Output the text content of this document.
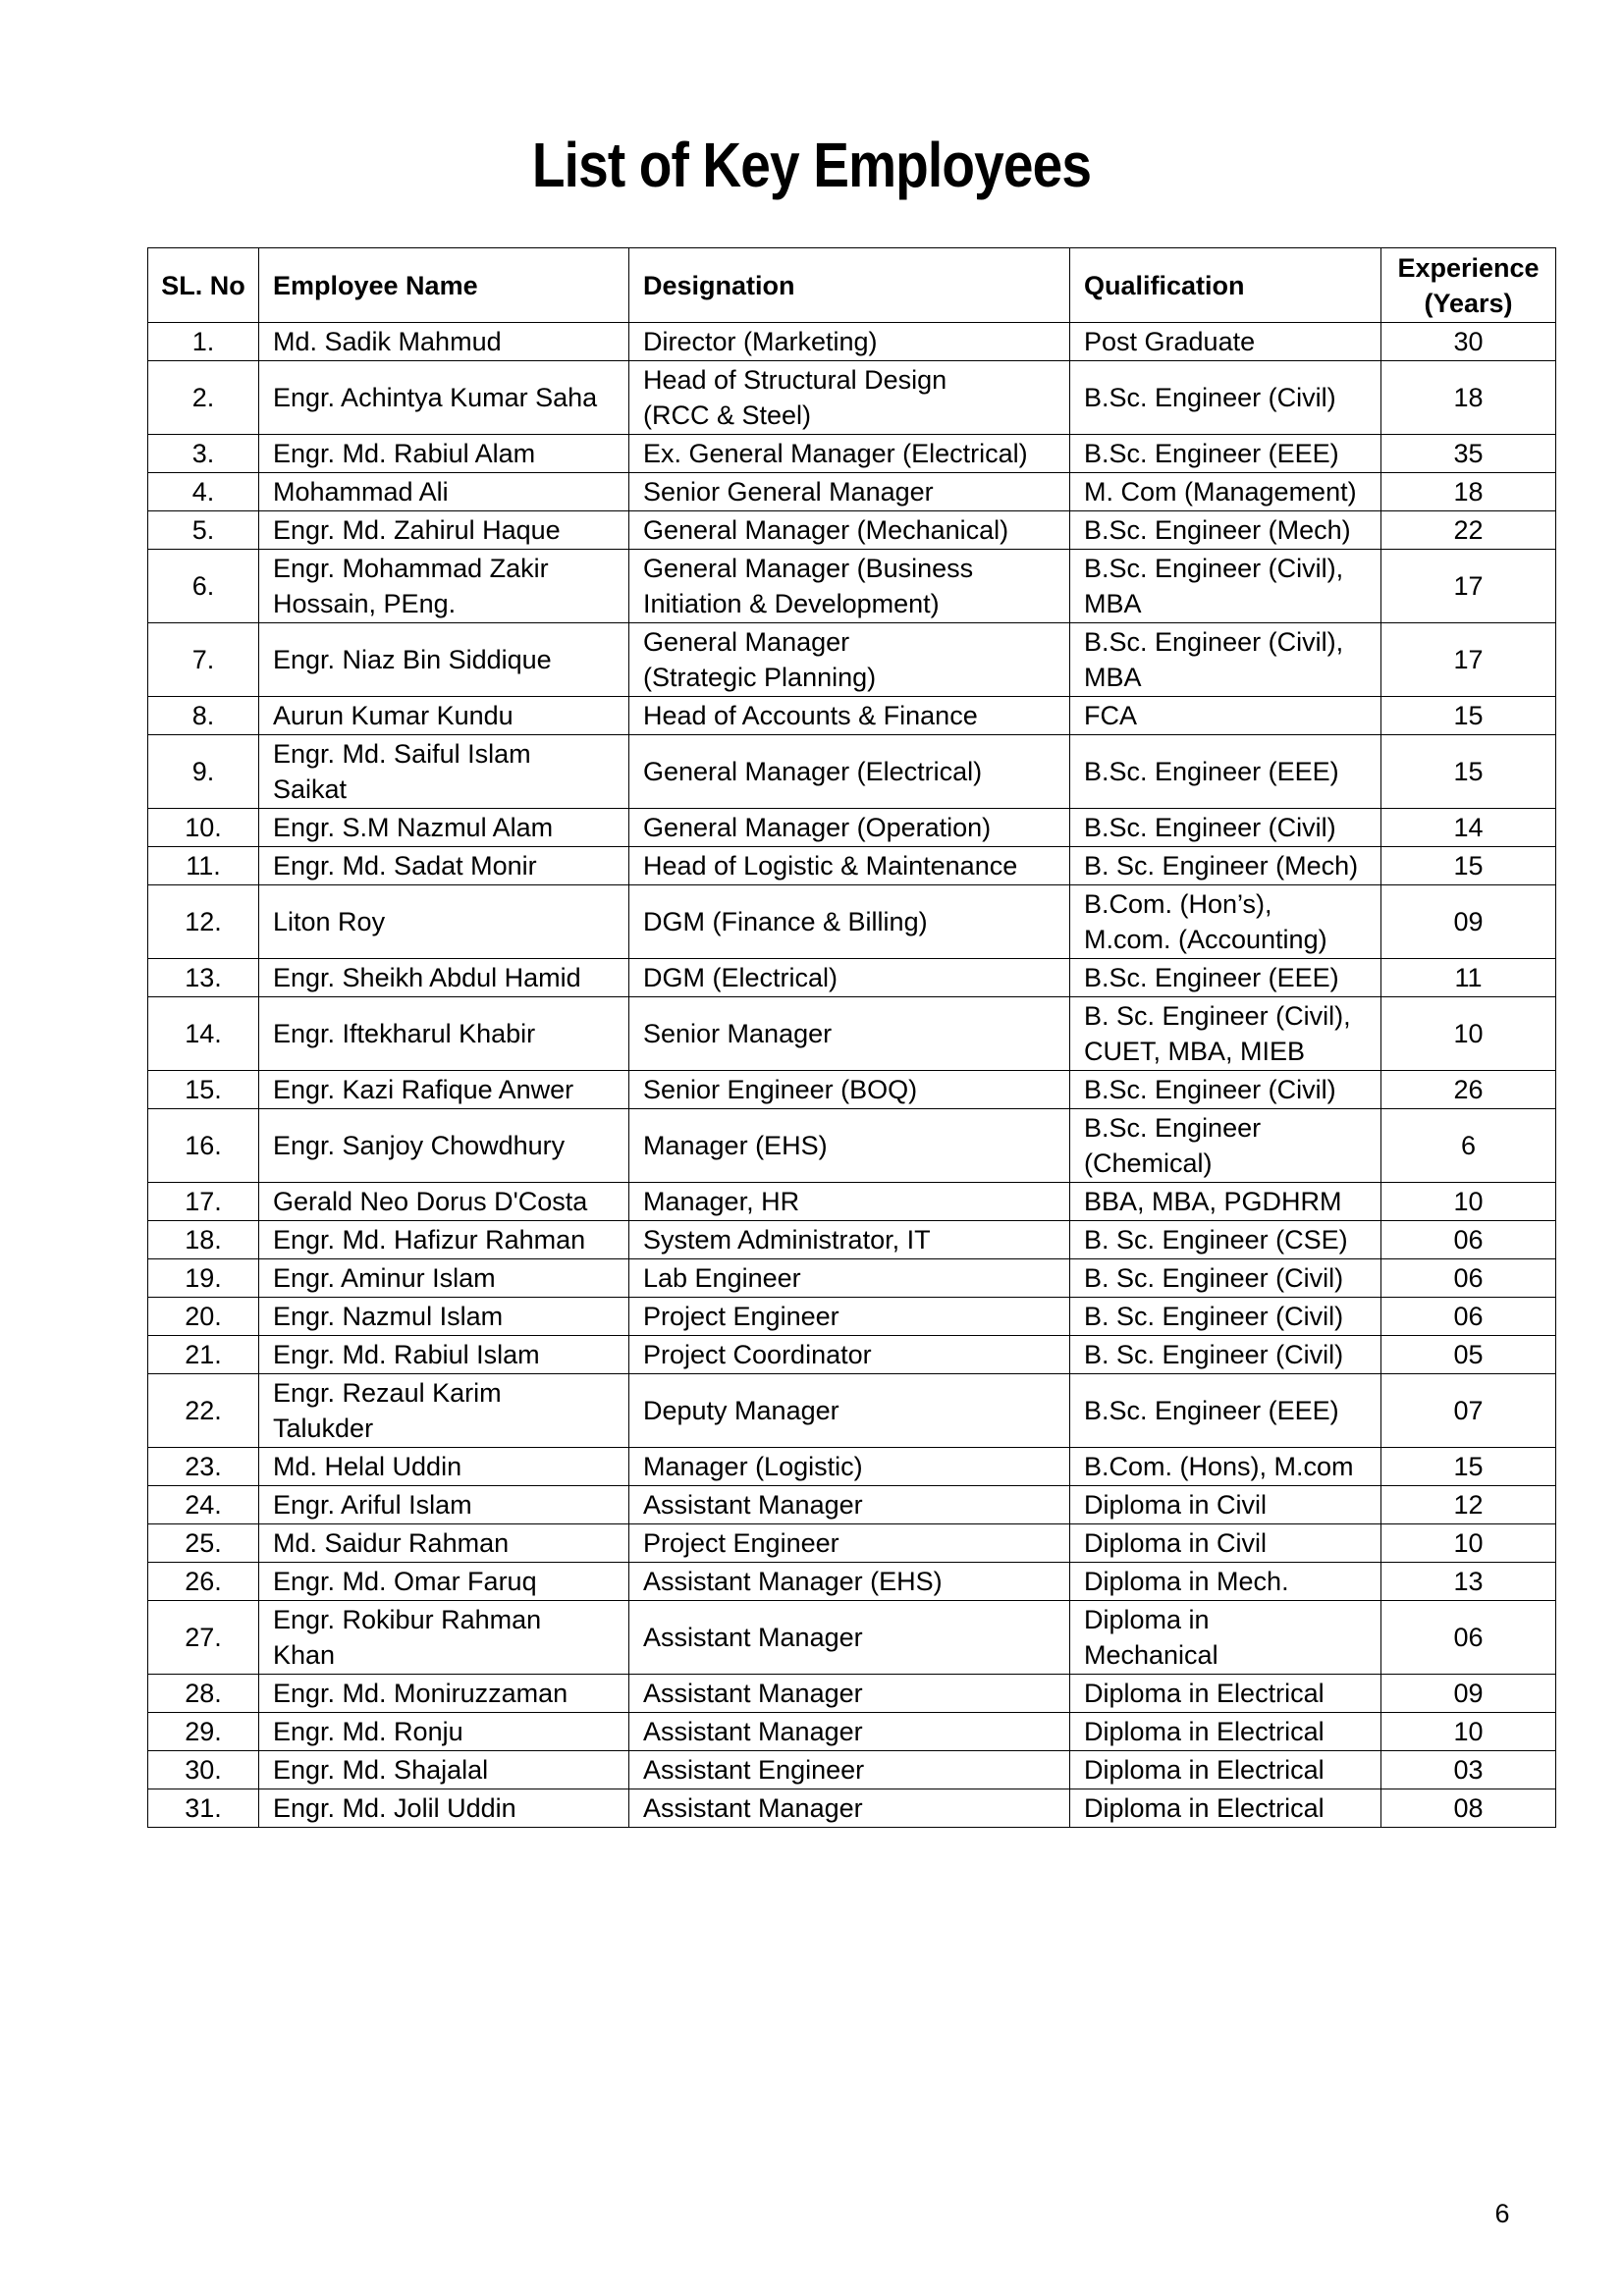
List of Key Employees
SL. No	Employee Name	Designation	Qualification	Experience
(Years)
1.	Md. Sadik Mahmud	Director (Marketing)	Post Graduate	30
2.	Engr. Achintya Kumar Saha	Head of Structural Design
(RCC & Steel)	B.Sc. Engineer (Civil)	18
3.	Engr. Md. Rabiul Alam	Ex. General Manager (Electrical)	B.Sc. Engineer (EEE)	35
4.	Mohammad Ali	Senior General Manager	M. Com (Management)	18
5.	Engr. Md. Zahirul Haque	General Manager (Mechanical)	B.Sc. Engineer (Mech)	22
6.	Engr. Mohammad Zakir
Hossain, PEng.	General Manager (Business
Initiation & Development)	B.Sc. Engineer (Civil),
MBA	17
7.	Engr. Niaz Bin Siddique	General Manager
(Strategic Planning)	B.Sc. Engineer (Civil),
MBA	17
8.	Aurun Kumar Kundu	Head of Accounts & Finance	FCA	15
9.	Engr. Md. Saiful Islam
Saikat	General Manager (Electrical)	B.Sc. Engineer (EEE)	15
10.	Engr. S.M Nazmul Alam	General Manager (Operation)	B.Sc. Engineer (Civil)	14
11.	Engr. Md. Sadat Monir	Head of Logistic & Maintenance	B. Sc. Engineer (Mech)	15
12.	Liton Roy	DGM (Finance & Billing)	B.Com. (Hon’s),
M.com. (Accounting)	09
13.	Engr. Sheikh Abdul Hamid	DGM (Electrical)	B.Sc. Engineer (EEE)	11
14.	Engr. Iftekharul Khabir	Senior Manager	B. Sc. Engineer (Civil),
CUET, MBA, MIEB	10
15.	Engr. Kazi Rafique Anwer	Senior Engineer (BOQ)	B.Sc. Engineer (Civil)	26
16.	Engr. Sanjoy Chowdhury	Manager (EHS)	B.Sc. Engineer
(Chemical)	6
17.	Gerald Neo Dorus D'Costa	Manager, HR	BBA, MBA, PGDHRM	10
18.	Engr. Md. Hafizur Rahman	System Administrator, IT	B. Sc. Engineer (CSE)	06
19.	Engr. Aminur Islam	Lab Engineer	B. Sc. Engineer (Civil)	06
20.	Engr. Nazmul Islam	Project Engineer	B. Sc. Engineer (Civil)	06
21.	Engr. Md. Rabiul Islam	Project Coordinator	B. Sc. Engineer (Civil)	05
22.	Engr. Rezaul Karim
Talukder	Deputy Manager	B.Sc. Engineer (EEE)	07
23.	Md. Helal Uddin	Manager (Logistic)	B.Com. (Hons), M.com	15
24.	Engr. Ariful Islam	Assistant Manager	Diploma in Civil	12
25.	Md. Saidur Rahman	Project Engineer	Diploma in Civil	10
26.	Engr. Md. Omar Faruq	Assistant Manager (EHS)	Diploma in Mech.	13
27.	Engr. Rokibur Rahman
Khan	Assistant Manager	Diploma in
Mechanical	06
28.	Engr. Md. Moniruzzaman	Assistant Manager	Diploma in Electrical	09
29.	Engr. Md. Ronju	Assistant Manager	Diploma in Electrical	10
30.	Engr. Md. Shajalal	Assistant Engineer	Diploma in Electrical	03
31.	Engr. Md. Jolil Uddin	Assistant Manager	Diploma in Electrical	08

6
